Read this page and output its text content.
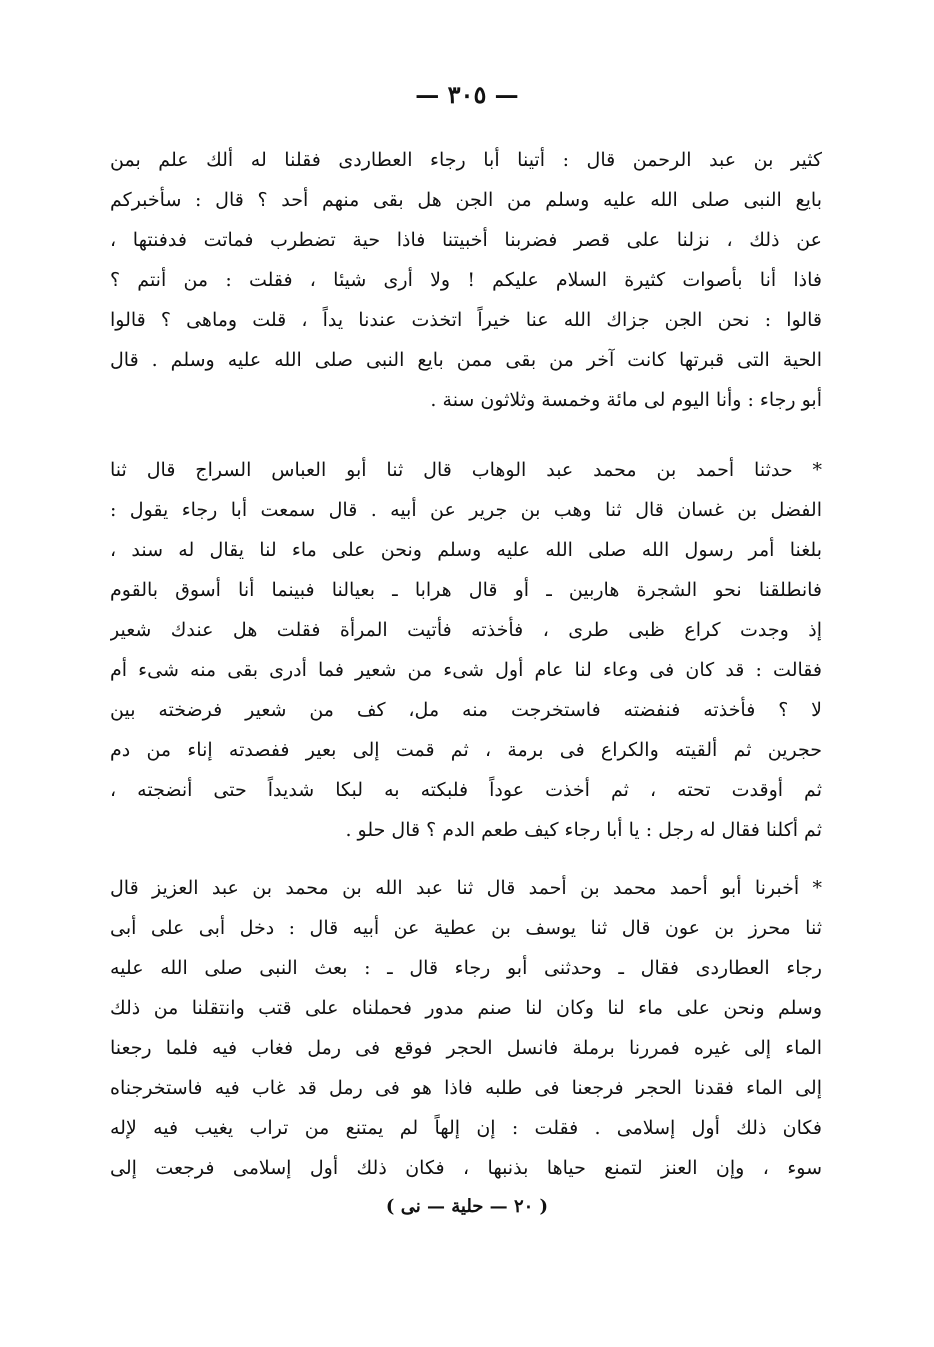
— ٣٠٥ —
كثير بن عبد الرحمن قال : أتينا أبا رجاء العطاردى فقلنا له ألك علم بمن
بايع النبى صلى الله عليه وسلم من الجن هل بقى منهم أحد ؟ قال : سأخبركم
عن ذلك ، نزلنا على قصر فضربنا أخبيتنا فاذا حية تضطرب فماتت فدفنتها ،
فاذا أنا بأصوات كثيرة السلام عليكم ! ولا أرى شيئا ، فقلت : من أنتم ؟
قالوا : نحن الجن جزاك الله عنا خيراً اتخذت عندنا يداً ، قلت وماهى ؟ قالوا
الحية التى قبرتها كانت آخر من بقى ممن بايع النبى صلى الله عليه وسلم . قال
أبو رجاء : وأنا اليوم لى مائة وخمسة وثلاثون سنة .
* حدثنا أحمد بن محمد عبد الوهاب قال ثنا أبو العباس السراج قال ثنا
الفضل بن غسان قال ثنا وهب بن جرير عن أبيه . قال سمعت أبا رجاء يقول :
بلغنا أمر رسول الله صلى الله عليه وسلم ونحن على ماء لنا يقال له سند ،
فانطلقنا نحو الشجرة هاربين ـ أو قال هرابا ـ بعيالنا فبينما أنا أسوق بالقوم
إذ وجدت كراع ظبى طرى ، فأخذته فأتيت المرأة فقلت هل عندك شعير
فقالت : قد كان فى وعاء لنا عام أول شىء من شعير فما أدرى بقى منه شىء أم
لا ؟ فأخذته فنفضته فاستخرجت منه مل، كف من شعير فرضخته بين
حجرين ثم ألقيته والكراع فى برمة ، ثم قمت إلى بعير ففصدته إناء من دم
ثم أوقدت تحته ، ثم أخذت عوداً فلبكته به لبكا شديداً حتى أنضجته ،
ثم أكلنا فقال له رجل : يا أبا رجاء كيف طعم الدم ؟ قال حلو .
* أخبرنا أبو أحمد محمد بن أحمد قال ثنا عبد الله بن محمد بن عبد العزيز قال
ثنا محرز بن عون قال ثنا يوسف بن عطية عن أبيه قال : دخل أبى على أبى
رجاء العطاردى فقال ـ وحدثنى أبو رجاء قال ـ : بعث النبى صلى الله عليه
وسلم ونحن على ماء لنا وكان لنا صنم مدور فحملناه على قتب وانتقلنا من ذلك
الماء إلى غيره فمررنا برملة فانسل الحجر فوقع فى رمل فغاب فيه فلما رجعنا
إلى الماء فقدنا الحجر فرجعنا فى طلبه فاذا هو فى رمل قد غاب فيه فاستخرجناه
فكان ذلك أول إسلامى . فقلت : إن إلهاً لم يمتنع من تراب يغيب فيه لإله
سوء ، وإن العنز لتمنع حياها بذنبها ، فكان ذلك أول إسلامى فرجعت إلى
( ٢٠ — حلية — نى )
